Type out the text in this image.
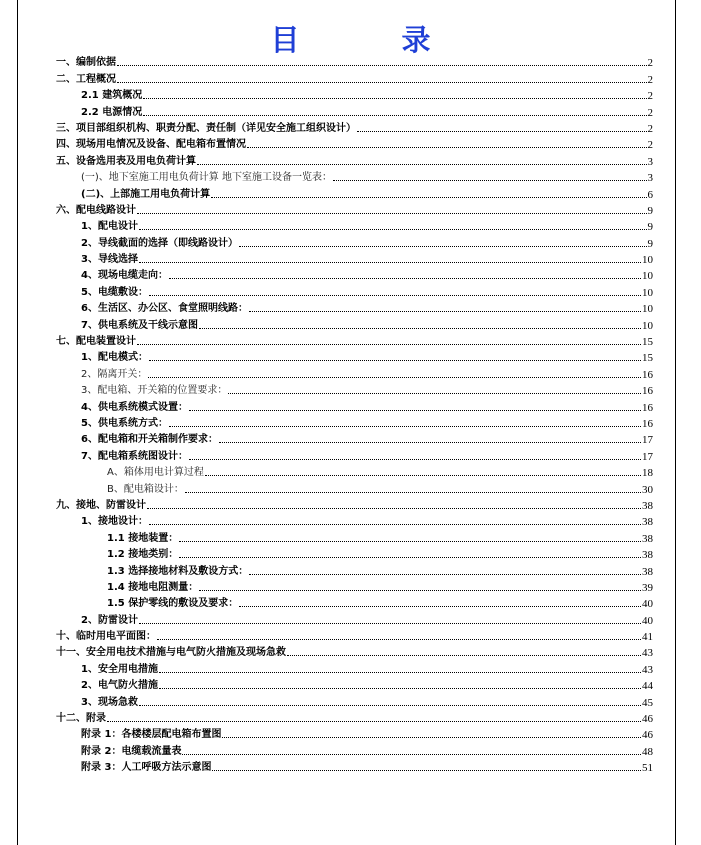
目 录
一、编制依据	2
二、工程概况	2
2.1 建筑概况	2
2.2 电源情况	2
三、项目部组织机构、职责分配、责任制（详见安全施工组织设计）	2
四、现场用电情况及设备、配电箱布置情况	2
五、设备选用表及用电负荷计算	3
(一)、地下室施工用电负荷计算 地下室施工设备一览表：	3
(二)、上部施工用电负荷计算	6
六、配电线路设计	9
1、配电设计	9
2、导线截面的选择（即线路设计）	9
3、导线选择	10
4、现场电缆走向：	10
5、电缆敷设：	10
6、生活区、办公区、食堂照明线路：	10
7、供电系统及干线示意图	10
七、配电装置设计	15
1、配电模式：	15
2、隔离开关：	16
3、配电箱、开关箱的位置要求：	16
4、供电系统模式设置：	16
5、供电系统方式：	16
6、配电箱和开关箱制作要求：	17
7、配电箱系统图设计：	17
A、箱体用电计算过程	18
B、配电箱设计：	30
九、接地、防雷设计	38
1、接地设计：	38
1.1 接地装置：	38
1.2 接地类别：	38
1.3 选择接地材料及敷设方式：	38
1.4 接地电阻测量：	39
1.5 保护零线的敷设及要求：	40
2、防雷设计	40
十、临时用电平面图：	41
十一、安全用电技术措施与电气防火措施及现场急救	43
1、安全用电措施	43
2、电气防火措施	44
3、现场急救	45
十二、附录	46
附录 1：各楼楼层配电箱布置图	46
附录 2：电缆载流量表	48
附录 3：人工呼吸方法示意图	51
